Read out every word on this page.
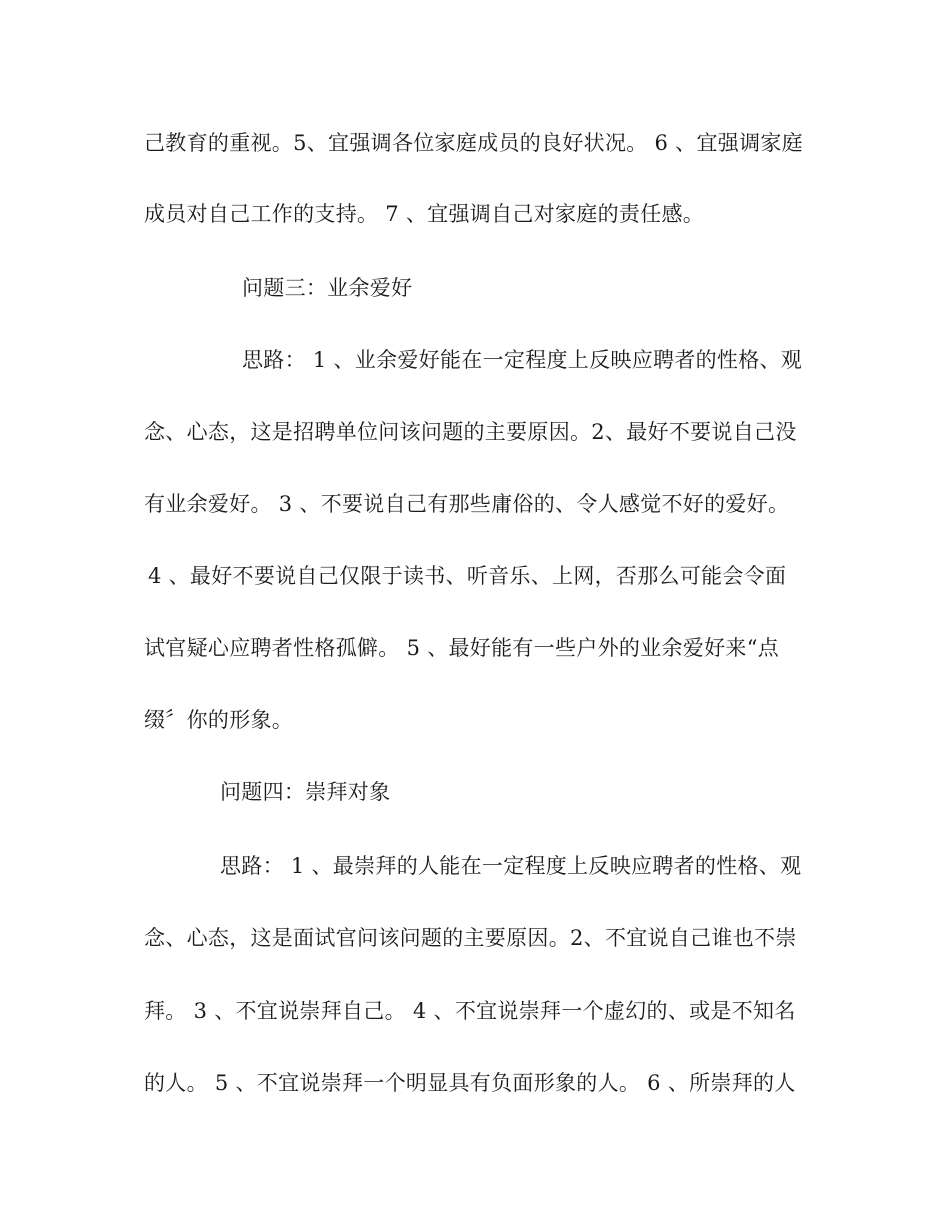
己教育的重视。5、宜强调各位家庭成员的良好状况。 6 、宜强调家庭
成员对自己工作的支持。 7 、宜强调自己对家庭的责任感。
问题三：业余爱好
思路： 1 、业余爱好能在一定程度上反映应聘者的性格、观
念、心态，这是招聘单位问该问题的主要原因。2、最好不要说自己没
有业余爱好。 3 、不要说自己有那些庸俗的、令人感觉不好的爱好。
4 、最好不要说自己仅限于读书、听音乐、上网，否那么可能会令面
试官疑心应聘者性格孤僻。 5 、最好能有一些户外的业余爱好来“点
缀〞你的形象。
问题四：崇拜对象
思路： 1 、最崇拜的人能在一定程度上反映应聘者的性格、观
念、心态，这是面试官问该问题的主要原因。2、不宜说自己谁也不崇
拜。 3 、不宜说崇拜自己。 4 、不宜说崇拜一个虚幻的、或是不知名
的人。 5 、不宜说崇拜一个明显具有负面形象的人。 6 、所崇拜的人
